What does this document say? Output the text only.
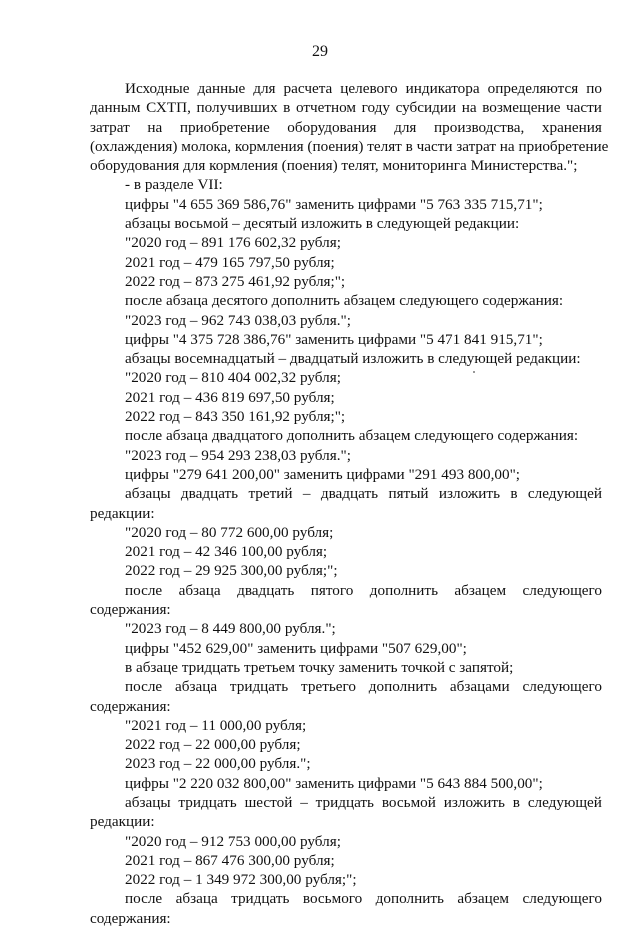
29
Исходные данные для расчета целевого индикатора определяются по
данным СХТП, получивших в отчетном году субсидии на возмещение части
затрат на приобретение оборудования для производства, хранения
(охлаждения) молока, кормления (поения) телят в части затрат на приобретение
оборудования для кормления (поения) телят, мониторинга Министерства.";
- в разделе VII:
цифры "4 655 369 586,76" заменить цифрами "5 763 335 715,71";
абзацы восьмой – десятый изложить в следующей редакции:
"2020 год – 891 176 602,32 рубля;
2021 год – 479 165 797,50 рубля;
2022 год – 873 275 461,92 рубля;";
после абзаца десятого дополнить абзацем следующего содержания:
"2023 год – 962 743 038,03 рубля.";
цифры "4 375 728 386,76" заменить цифрами "5 471 841 915,71";
абзацы восемнадцатый – двадцатый изложить в следующей редакции:
"2020 год – 810 404 002,32 рубля;
2021 год – 436 819 697,50 рубля;
2022 год – 843 350 161,92 рубля;";
после абзаца двадцатого дополнить абзацем следующего содержания:
"2023 год – 954 293 238,03 рубля.";
цифры "279 641 200,00" заменить цифрами "291 493 800,00";
абзацы двадцать третий – двадцать пятый изложить в следующей
редакции:
"2020 год – 80 772 600,00 рубля;
2021 год – 42 346 100,00 рубля;
2022 год – 29 925 300,00 рубля;";
после абзаца двадцать пятого дополнить абзацем следующего
содержания:
"2023 год – 8 449 800,00 рубля.";
цифры "452 629,00" заменить цифрами "507 629,00";
в абзаце тридцать третьем точку заменить точкой с запятой;
после абзаца тридцать третьего дополнить абзацами следующего
содержания:
"2021 год – 11 000,00 рубля;
2022 год – 22 000,00 рубля;
2023 год – 22 000,00 рубля.";
цифры "2 220 032 800,00" заменить цифрами "5 643 884 500,00";
абзацы тридцать шестой – тридцать восьмой изложить в следующей
редакции:
"2020 год – 912 753 000,00 рубля;
2021 год – 867 476 300,00 рубля;
2022 год – 1 349 972 300,00 рубля;";
после абзаца тридцать восьмого дополнить абзацем следующего
содержания:
